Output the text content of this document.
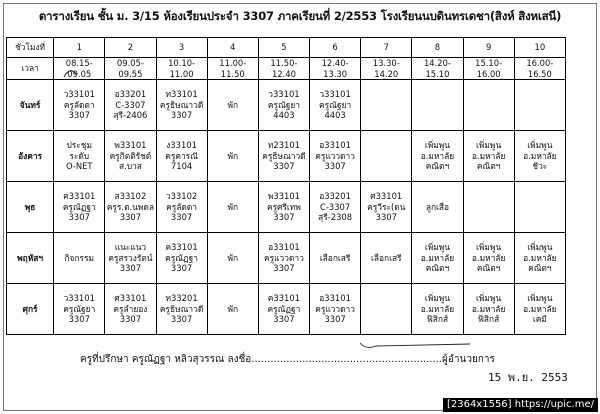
ตารางเรียน ชั้น ม. 3/15 ห้องเรียนประจำ 3307 ภาคเรียนที่ 2/2553 โรงเรียนนบดินทรเดชา(สิงห์ สิงหเสนี)
ชั่วโมงที่	1	2	3	4	5	6	7	8	9	10
เวลา	08.15-09.05	09.05-09.55	10.10-11.00	11.00-11.50	11.50-12.40	12.40-13.30	13.30-14.20	14.20-15.10	15.10-16.00	16.00-16.50
จันทร์	ว33101
ครูลัดดา
3307	อ33201
C-3307
สุรี-2406	ท33101
ครูธิษณาวดี
3307	พัก	ว33101
ครูณัฐยา
4403	ว33101
ครูณัฐยา
4403				

อังคาร	ประชุม
ระดับ
O-NET	พ33101
ครูกิตติรัชต์
ส.บาส	ง33101
ครูคารณี
7104	พัก	ท23101
ครูธิษณาวดี
3307	อ33101
ครูแววดาว
3307		เพิ่มพูน
อ.มหาลัย
คณิตฯ	เพิ่มพูน
อ.มหาลัย
คณิตฯ	เพิ่มพูน
อ.มหาลัย
ชีวะ

พุธ	ค33101
ครูณัฏฐา
3307	ส33102
ครูร.ต.นพดล
3307	ว33102
ครูลัดดา
3307	พัก	พ33101
ครูศรีเทพ
3307	อ33201
C-3307
สุรี-2308	ศ33101
ครูวีระ(ดน
3307	ลูกเสือ		

พฤหัสฯ	กิจกรรม	แนะแนว
ครูสรวงรัตน์
3307	ค33101
ครูณัฏฐา
3307	พัก	อ33101
ครูแววดาว
3307	เลือกเสรี	เลือกเสรี	เพิ่มพูน
อ.มหาลัย
คณิตฯ	เพิ่มพูน
อ.มหาลัย
คณิตฯ	เพิ่มพูน
อ.มหาลัย
คณิตฯ

ศุกร์	ว33101
ครูณัฐยา
3307	ศ33101
ครูลำยอง
3307	ท33201
ครูธิษณาวดี
3307	พัก	ค33101
ครูณัฏฐา
3307	อ33101
ครูแววดาว
3307		เพิ่มพูน
อ.มหาลัย
ฟิสิกส์	เพิ่มพูน
อ.มหาลัย
ฟิสิกส์	เพิ่มพูน
อ.มหาลัย
เคมี
ครูที่ปรึกษา ครูณัฏฐา หลิวสุวรรณ ลงชื่อ............................................................ผู้อำนวยการ
15 พ.ย. 2553
[2364x1556] https://upic.me/
